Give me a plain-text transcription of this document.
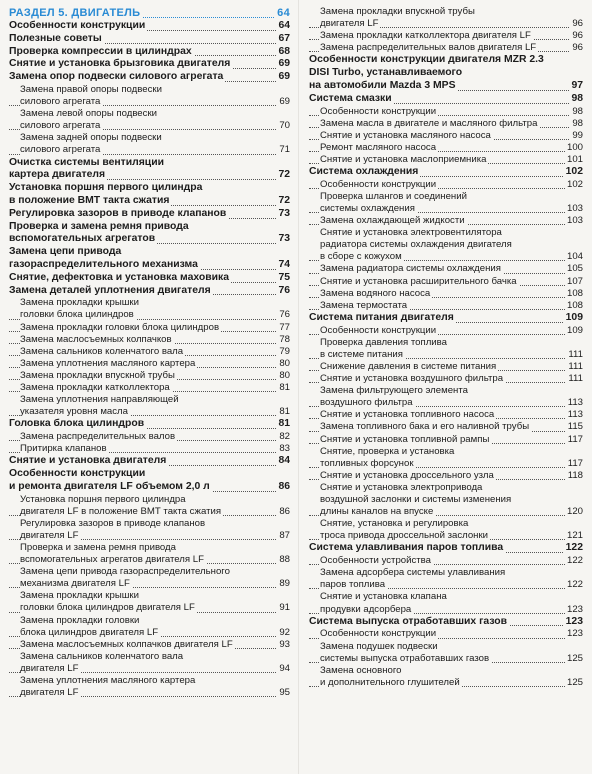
РАЗДЕЛ 5. ДВИГАТЕЛЬ	64
Особенности конструкции	64
Полезные советы	67
Проверка компрессии в цилиндрах	68
Снятие и установка брызговика двигателя	69
Замена опор подвески силового агрегата	69
Замена правой опоры подвески
силового агрегата	69
Замена левой опоры подвески
силового агрегата	70
Замена задней опоры подвески
силового агрегата	71
Очистка системы вентиляции
картера двигателя	72
Установка поршня первого цилиндра
в положение ВМТ такта сжатия	72
Регулировка зазоров в приводе клапанов	73
Проверка и замена ремня привода
вспомогательных агрегатов	73
Замена цепи привода
газораспределительного механизма	74
Снятие, дефектовка и установка маховика	75
Замена деталей уплотнения двигателя	76
Замена прокладки крышки
головки блока цилиндров	76
Замена прокладки головки блока цилиндров	77
Замена маслосъемных колпачков	78
Замена сальников коленчатого вала	79
Замена уплотнения масляного картера	80
Замена прокладки впускной трубы	80
Замена прокладки катколлектора	81
Замена уплотнения направляющей
указателя уровня масла	81
Головка блока цилиндров	81
Замена распределительных валов	82
Притирка клапанов	83
Снятие и установка двигателя	84
Особенности конструкции
и ремонта двигателя LF объемом 2,0 л	86
Установка поршня первого цилиндра
двигателя LF в положение ВМТ такта сжатия	86
Регулировка зазоров в приводе клапанов
двигателя LF	87
Проверка и замена ремня привода
вспомогательных агрегатов двигателя LF	88
Замена цепи привода газораспределительного
механизма двигателя LF	89
Замена прокладки крышки
головки блока цилиндров двигателя LF	91
Замена прокладки головки
блока цилиндров двигателя LF	92
Замена маслосъемных колпачков двигателя LF	93
Замена сальников коленчатого вала
двигателя LF	94
Замена уплотнения масляного картера
двигателя LF	95
Замена прокладки впускной трубы
двигателя LF	96
Замена прокладки катколлектора двигателя LF	96
Замена распределительных валов двигателя LF	96
Особенности конструкции двигателя MZR 2.3
DISI Turbo, устанавливаемого
на автомобили Mazda 3 MPS	97
Система смазки	98
Особенности конструкции	98
Замена масла в двигателе и масляного фильтра	98
Снятие и установка масляного насоса	99
Ремонт масляного насоса	100
Снятие и установка маслоприемника	101
Система охлаждения	102
Особенности конструкции	102
Проверка шлангов и соединений
системы охлаждения	103
Замена охлаждающей жидкости	103
Снятие и установка электровентилятора
радиатора системы охлаждения двигателя
в сборе с кожухом	104
Замена радиатора системы охлаждения	105
Снятие и установка расширительного бачка	107
Замена водяного насоса	108
Замена термостата	108
Система питания двигателя	109
Особенности конструкции	109
Проверка давления топлива
в системе питания	111
Снижение давления в системе питания	111
Снятие и установка воздушного фильтра	111
Замена фильтрующего элемента
воздушного фильтра	113
Снятие и установка топливного насоса	113
Замена топливного бака и его наливной трубы	115
Снятие и установка топливной рампы	117
Снятие, проверка и установка
топливных форсунок	117
Снятие и установка дроссельного узла	118
Снятие и установка электропривода
воздушной заслонки и системы изменения
длины каналов на впуске	120
Снятие, установка и регулировка
троса привода дроссельной заслонки	121
Система улавливания паров топлива	122
Особенности устройства	122
Замена адсорбера системы улавливания
паров топлива	122
Снятие и установка клапана
продувки адсорбера	123
Система выпуска отработавших газов	123
Особенности конструкции	123
Замена подушек подвески
системы выпуска отработавших газов	125
Замена основного
и дополнительного глушителей	125
